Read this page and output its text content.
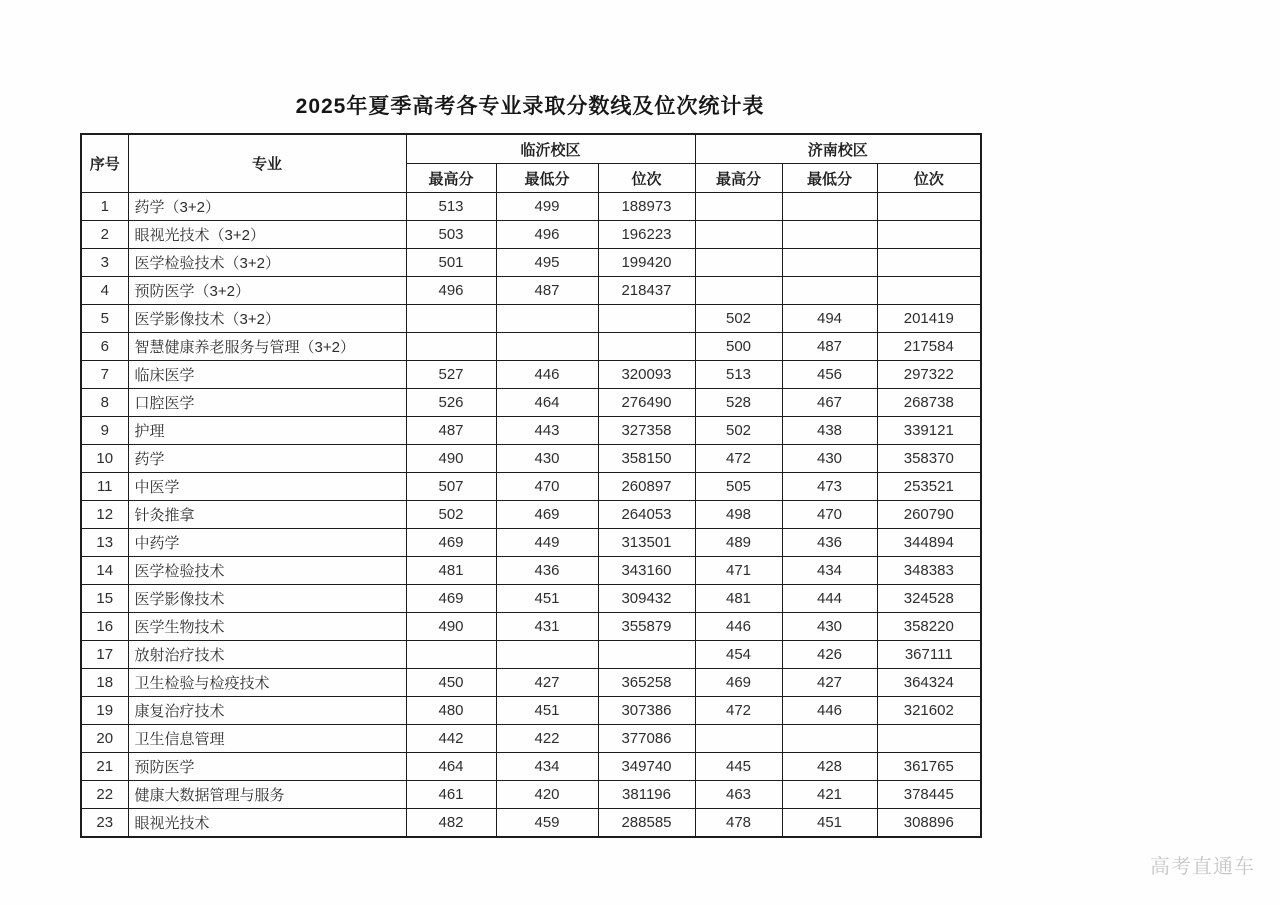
2025年夏季高考各专业录取分数线及位次统计表
序号	专业	临沂校区			济南校区		
		最高分	最低分	位次	最高分	最低分	位次
1	药学（3+2）	513	499	188973			
2	眼视光技术（3+2）	503	496	196223			
3	医学检验技术（3+2）	501	495	199420			
4	预防医学（3+2）	496	487	218437			
5	医学影像技术（3+2）				502	494	201419
6	智慧健康养老服务与管理（3+2）				500	487	217584
7	临床医学	527	446	320093	513	456	297322
8	口腔医学	526	464	276490	528	467	268738
9	护理	487	443	327358	502	438	339121
10	药学	490	430	358150	472	430	358370
11	中医学	507	470	260897	505	473	253521
12	针灸推拿	502	469	264053	498	470	260790
13	中药学	469	449	313501	489	436	344894
14	医学检验技术	481	436	343160	471	434	348383
15	医学影像技术	469	451	309432	481	444	324528
16	医学生物技术	490	431	355879	446	430	358220
17	放射治疗技术				454	426	367111
18	卫生检验与检疫技术	450	427	365258	469	427	364324
19	康复治疗技术	480	451	307386	472	446	321602
20	卫生信息管理	442	422	377086			
21	预防医学	464	434	349740	445	428	361765
22	健康大数据管理与服务	461	420	381196	463	421	378445
23	眼视光技术	482	459	288585	478	451	308896
高考直通车
